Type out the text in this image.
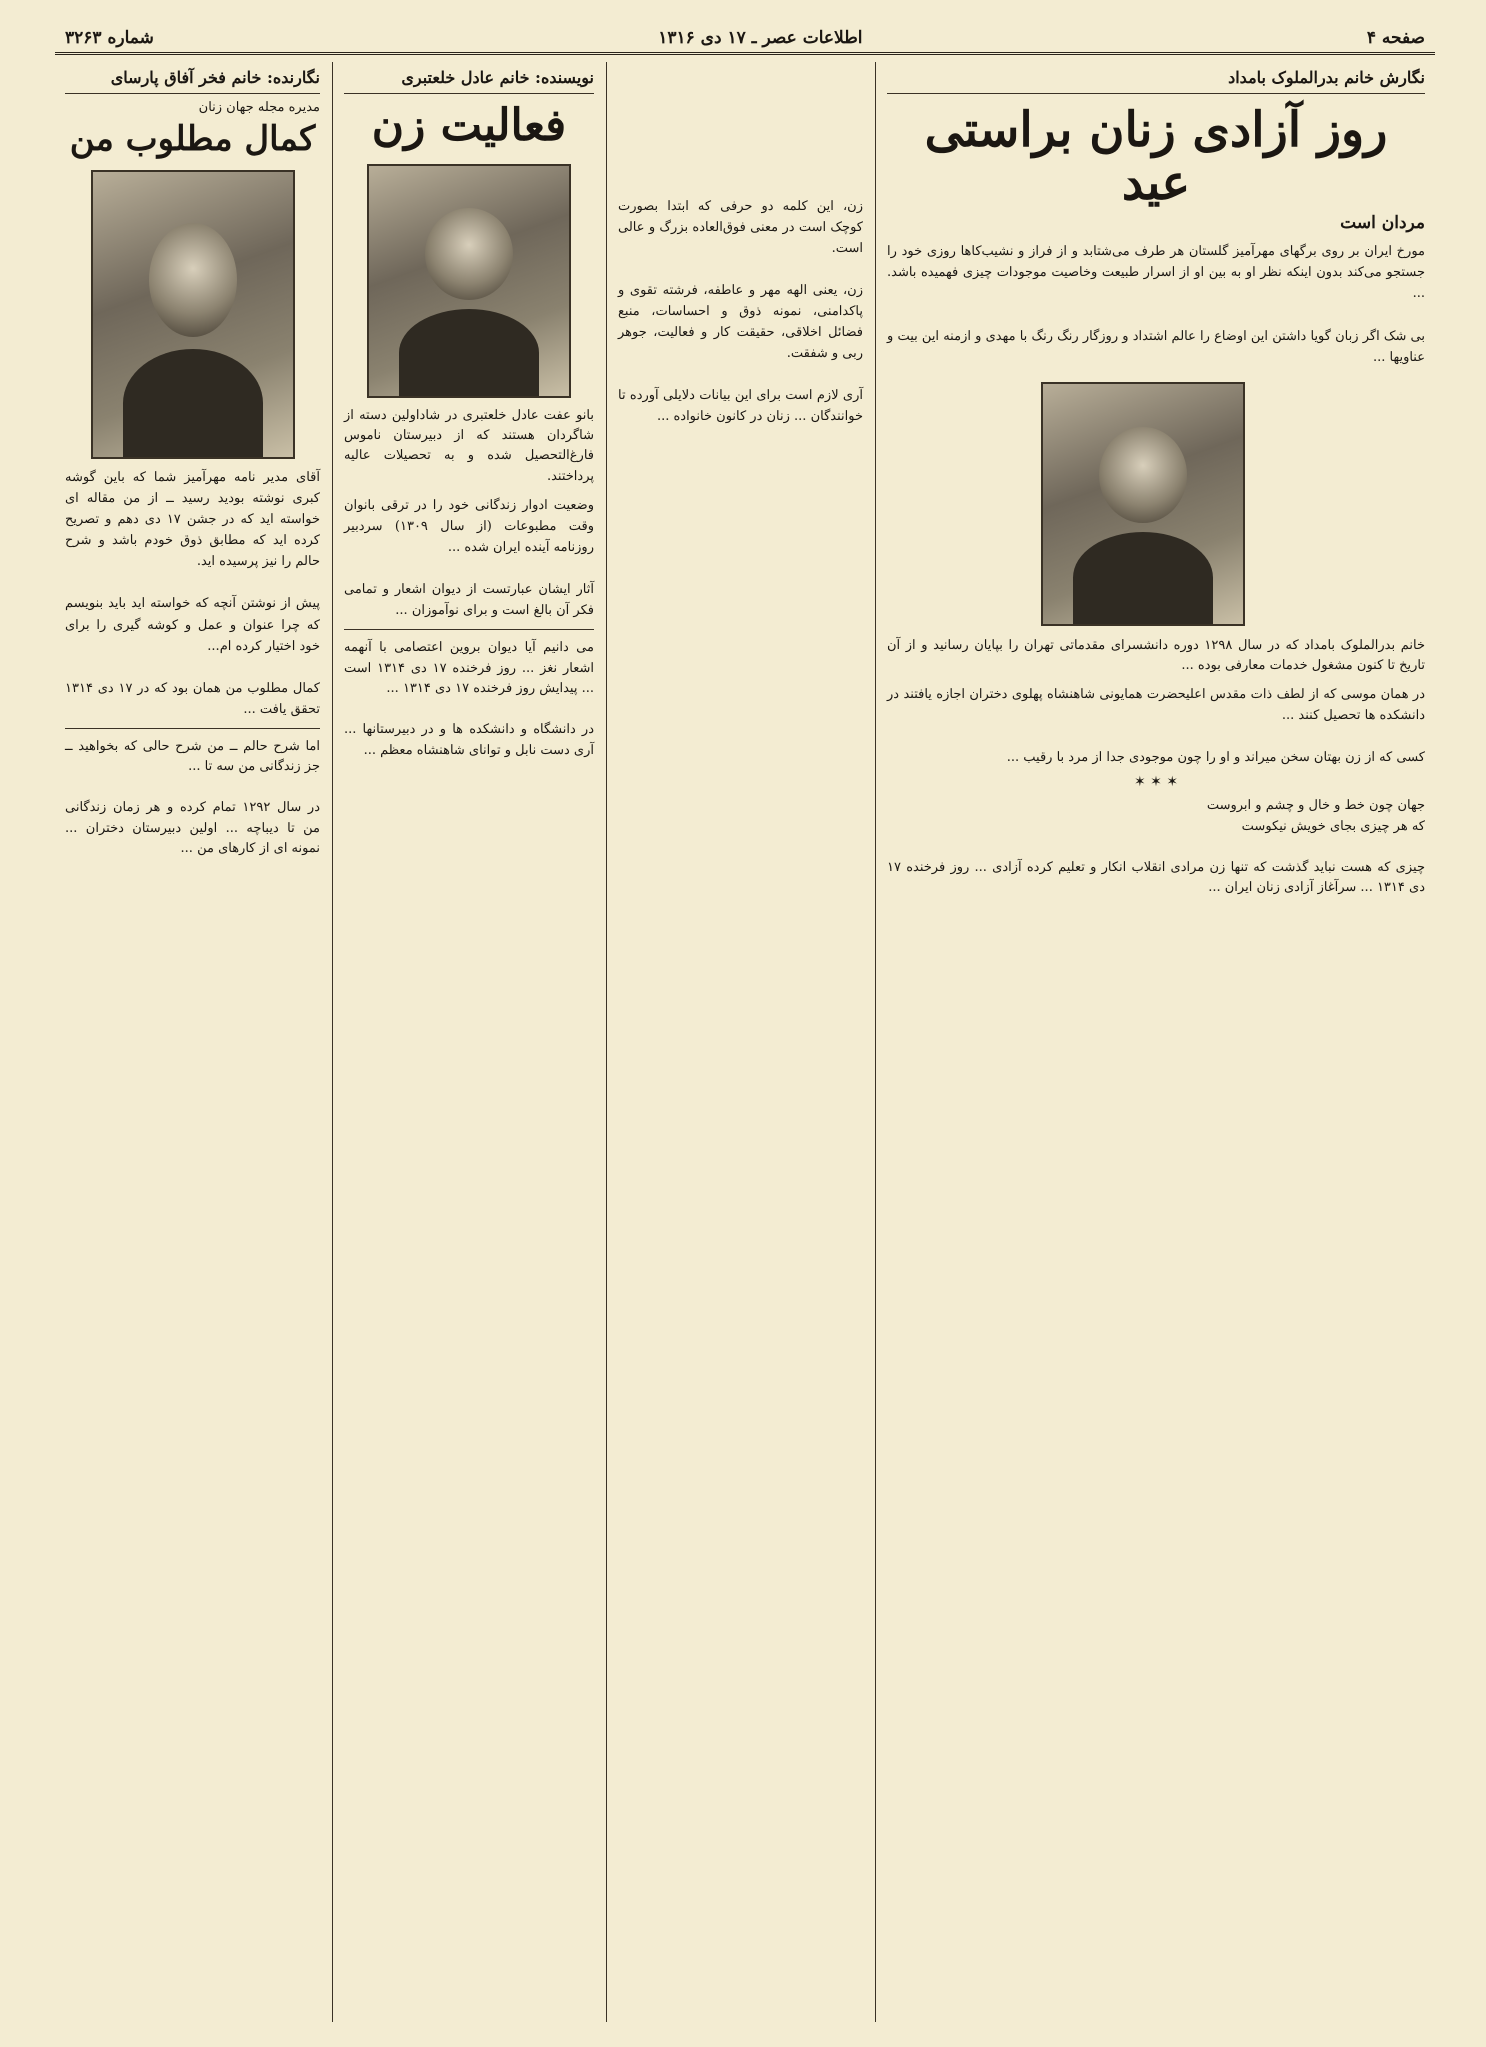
صفحه ۴
اطلاعات عصر ـ ۱۷ دی ۱۳۱۶
شماره ۳۲۶۳
نگارش خانم بدرالملوک بامداد
روز آزادی زنان براستی عید
مردان است
مورخ ایران بر روی برگهای مهرآمیز گلستان هر طرف می‌شتابد و از فراز و نشیب‌کاها روزی خود را جستجو می‌کند بدون اینکه نظر او به بین او از اسرار طبیعت وخاصیت موجودات چیزی فهمیده باشد. ...

بی شک اگر زبان گویا داشتن این اوضاع را عالم اشتداد و روزگار رنگ رنگ با مهدی و ازمنه این بیت و عناویها ...
خانم بدرالملوک بامداد که در سال ۱۲۹۸ دوره دانشسرای مقدماتی تهران را بپایان رسانید و از آن تاریخ تا کنون مشغول خدمات معارفی بوده ...
در همان موسی که از لطف ذات مقدس اعلیحضرت همایونی شاهنشاه پهلوی دختران اجازه یافتند در دانشکده ها تحصیل کنند ...

کسی که از زن بهتان سخن میراند و او را چون موجودی جدا از مرد با رقیب ...
✶ ✶ ✶
جهان چون خط و خال و چشم و ابروست
که هر چیزی بجای خویش نیکوست

چیزی که هست نباید گذشت که تنها زن مرادی انقلاب انکار و تعلیم کرده آزادی ... روز فرخنده ۱۷ دی ۱۳۱۴ ... سرآغاز آزادی زنان ایران ...
زن، این کلمه دو حرفی که ابتدا بصورت کوچک است در معنی فوق‌العاده بزرگ و عالی است.

زن، یعنی الهه مهر و عاطفه، فرشته تقوی و پاکدامنی، نمونه ذوق و احساسات، منبع فضائل اخلاقی، حقیقت کار و فعالیت، جوهر ربی و شفقت.

آری لازم است برای این بیانات دلایلی آورده تا خوانندگان ... زنان در کانون خانواده ...
نویسنده: خانم عادل خلعتبری
فعالیت زن
بانو عفت عادل خلعتبری در شاداولین دسته از شاگردان هستند که از دبیرستان ناموس فارغ‌التحصیل شده و به تحصیلات عالیه پرداختند.
وضعیت ادوار زندگانی خود را در ترقی بانوان وقت مطبوعات (از سال ۱۳۰۹) سردبیر روزنامه آینده ایران شده ...

آثار ایشان عبارتست از دیوان اشعار و تمامی فکر آن بالغ است و برای نوآموزان ...
می دانیم آیا دیوان بروین اعتصامی با آنهمه اشعار نغز ... روز فرخنده ۱۷ دی ۱۳۱۴ است ... پیدایش روز فرخنده ۱۷ دی ۱۳۱۴ ...

در دانشگاه و دانشکده ها و در دبیرستانها ... آری دست نابل و توانای شاهنشاه معظم ...
نگارنده: خانم فخر آفاق پارسای
مدیره مجله جهان زنان
کمال مطلوب من
آقای مدیر نامه مهرآمیز شما که باین گوشه کبری نوشته بودید رسید ــ از من مقاله ای خواسته اید که در جشن ۱۷ دی دهم و تصریح کرده اید که مطابق ذوق خودم باشد و شرح حالم را نیز پرسیده اید.

پیش از نوشتن آنچه که خواسته اید باید بنویسم که چرا عنوان و عمل و کوشه گیری را برای خود اختیار کرده ام...

کمال مطلوب من همان بود که در ۱۷ دی ۱۳۱۴ تحقق یافت ...
اما شرح حالم ــ من شرح حالی که بخواهید ــ جز زندگانی من سه تا ...

در سال ۱۲۹۲ تمام کرده و هر زمان زندگانی من تا دیباچه ... اولین دبیرستان دختران ... نمونه ای از کارهای من ...
